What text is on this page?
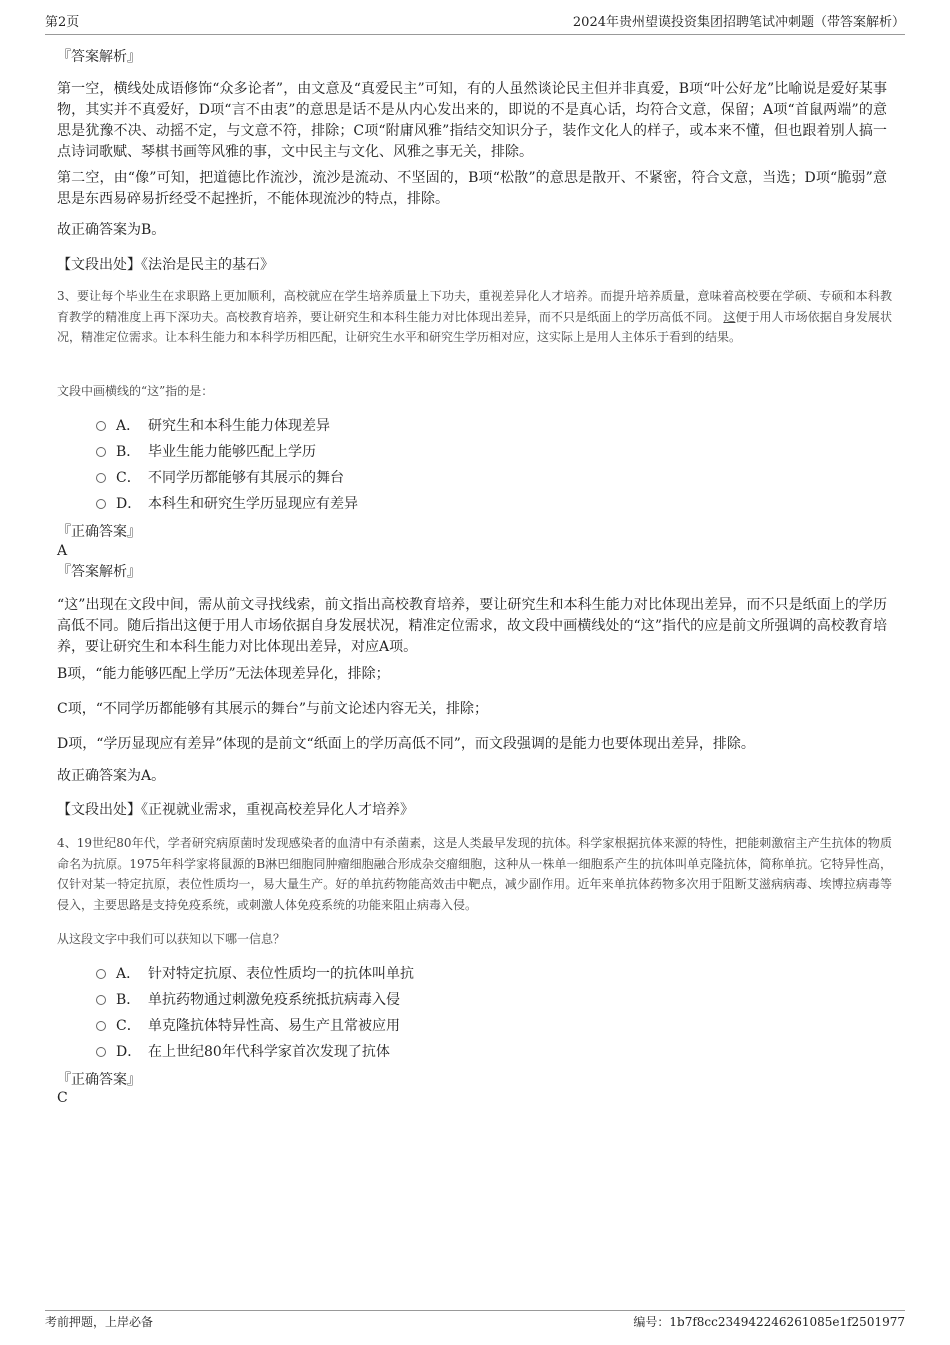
第2页	2024年贵州望谟投资集团招聘笔试冲刺题（带答案解析）

『答案解析』

第一空，横线处成语修饰“众多论者”，由文意及“真爱民主”可知，有的人虽然谈论民主但并非真爱，B项“叶公好龙”比喻说是爱好某事物，其实并不真爱好，D项“言不由衷”的意思是话不是从内心发出来的，即说的不是真心话，均符合文意，保留；A项“首鼠两端”的意思是犹豫不决、动摇不定，与文意不符，排除；C项“附庸风雅”指结交知识分子，装作文化人的样子，或本来不懂，但也跟着别人搞一点诗词歌赋、琴棋书画等风雅的事，文中民主与文化、风雅之事无关，排除。

第二空，由“像”可知，把道德比作流沙，流沙是流动、不坚固的，B项“松散”的意思是散开、不紧密，符合文意，当选；D项“脆弱”意思是东西易碎易折经受不起挫折，不能体现流沙的特点，排除。

故正确答案为B。

【文段出处】《法治是民主的基石》

3、要让每个毕业生在求职路上更加顺利，高校就应在学生培养质量上下功夫，重视差异化人才培养。而提升培养质量，意味着高校要在学硕、专硕和本科教育教学的精准度上再下深功夫。高校教育培养，要让研究生和本科生能力对比体现出差异，而不只是纸面上的学历高低不同。 这便于用人市场依据自身发展状况，精准定位需求。让本科生能力和本科学历相匹配，让研究生水平和研究生学历相对应，这实际上是用人主体乐于看到的结果。

文段中画横线的“这”指的是：

A． 研究生和本科生能力体现差异
B． 毕业生能力能够匹配上学历
C． 不同学历都能够有其展示的舞台
D． 本科生和研究生学历显现应有差异

『正确答案』

A

『答案解析』

“这”出现在文段中间，需从前文寻找线索，前文指出高校教育培养，要让研究生和本科生能力对比体现出差异，而不只是纸面上的学历高低不同。随后指出这便于用人市场依据自身发展状况，精准定位需求，故文段中画横线处的“这”指代的应是前文所强调的高校教育培养，要让研究生和本科生能力对比体现出差异，对应A项。

B项，“能力能够匹配上学历”无法体现差异化，排除；

C项，“不同学历都能够有其展示的舞台”与前文论述内容无关，排除；

D项，“学历显现应有差异”体现的是前文“纸面上的学历高低不同”，而文段强调的是能力也要体现出差异，排除。

故正确答案为A。

【文段出处】《正视就业需求，重视高校差异化人才培养》

4、19世纪80年代，学者研究病原菌时发现感染者的血清中有杀菌素，这是人类最早发现的抗体。科学家根据抗体来源的特性，把能刺激宿主产生抗体的物质命名为抗原。1975年科学家将鼠源的B淋巴细胞同肿瘤细胞融合形成杂交瘤细胞，这种从一株单一细胞系产生的抗体叫单克隆抗体，简称单抗。它特异性高，仅针对某一特定抗原，表位性质均一，易大量生产。好的单抗药物能高效击中靶点，减少副作用。近年来单抗体药物多次用于阻断艾滋病病毒、埃博拉病毒等侵入，主要思路是支持免疫系统，或刺激人体免疫系统的功能来阻止病毒入侵。

从这段文字中我们可以获知以下哪一信息？

A． 针对特定抗原、表位性质均一的抗体叫单抗
B． 单抗药物通过刺激免疫系统抵抗病毒入侵
C． 单克隆抗体特异性高、易生产且常被应用
D． 在上世纪80年代科学家首次发现了抗体

『正确答案』

C

考前押题，上岸必备	编号：1b7f8cc234942246261085e1f2501977
